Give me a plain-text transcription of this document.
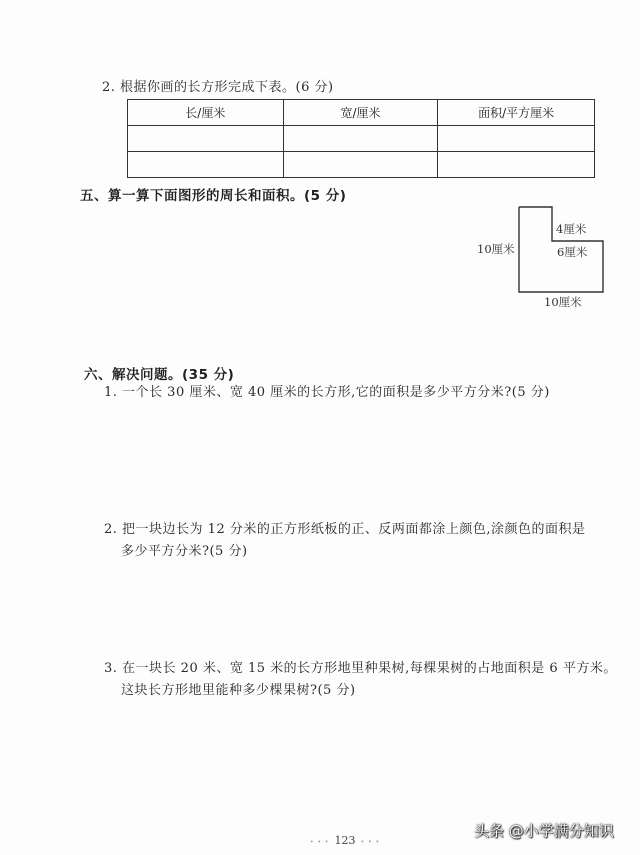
2. 根据你画的长方形完成下表。(6 分)
长/厘米	宽/厘米	面积/平方厘米

五、算一算下面图形的周长和面积。(5 分)
10厘米
4厘米
6厘米
10厘米
六、解决问题。(35 分)
1. 一个长 30 厘米、宽 40 厘米的长方形,它的面积是多少平方分米?(5 分)
2. 把一块边长为 12 分米的正方形纸板的正、反两面都涂上颜色,涂颜色的面积是
多少平方分米?(5 分)
3. 在一块长 20 米、宽 15 米的长方形地里种果树,每棵果树的占地面积是 6 平方米。
这块长方形地里能种多少棵果树?(5 分)
• • • 123 • • •
头条 @小学满分知识
